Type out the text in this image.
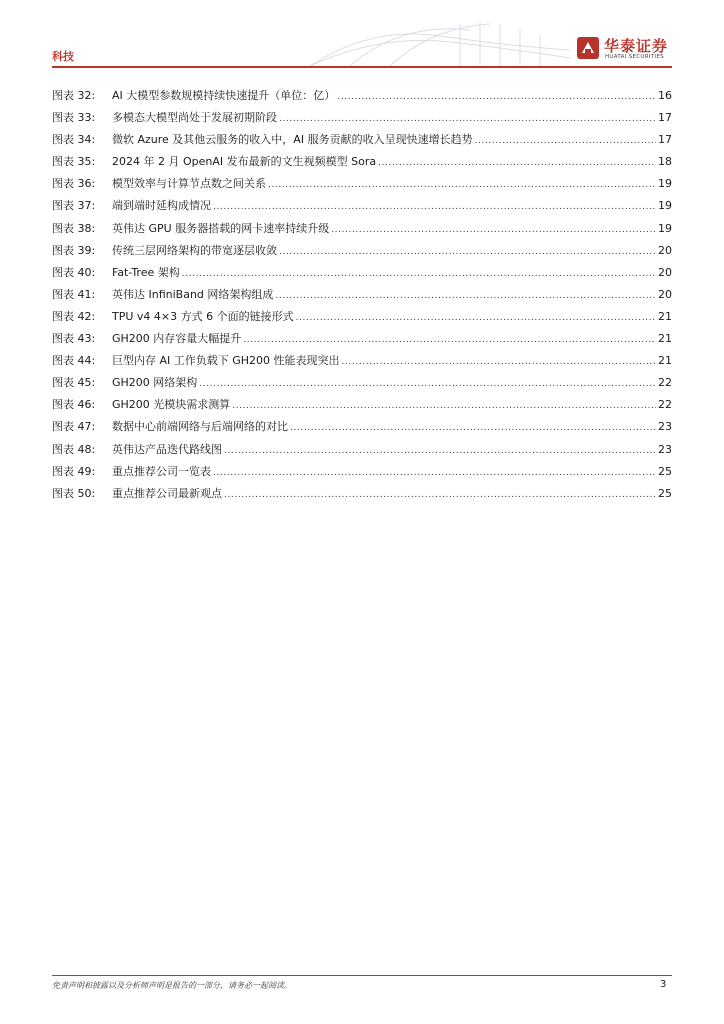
科技
华泰证券
HUATAI SECURITIES
图表 32:	AI 大模型参数规模持续快速提升（单位：亿） .....	16
图表 33:	多模态大模型尚处于发展初期阶段 .....	17
图表 34:	微软 Azure 及其他云服务的收入中，AI 服务贡献的收入呈现快速增长趋势 .....	17
图表 35:	2024 年 2 月 OpenAI 发布最新的文生视频模型 Sora .....	18
图表 36:	模型效率与计算节点数之间关系 .....	19
图表 37:	端到端时延构成情况 .....	19
图表 38:	英伟达 GPU 服务器搭载的网卡速率持续升级 .....	19
图表 39:	传统三层网络架构的带宽逐层收敛 .....	20
图表 40:	Fat-Tree 架构 .....	20
图表 41:	英伟达 InfiniBand 网络架构组成 .....	20
图表 42:	TPU v4 4×3 方式 6 个面的链接形式 .....	21
图表 43:	GH200 内存容量大幅提升 .....	21
图表 44:	巨型内存 AI 工作负载下 GH200 性能表现突出 .....	21
图表 45:	GH200 网络架构 .....	22
图表 46:	GH200 光模块需求测算 .....	22
图表 47:	数据中心前端网络与后端网络的对比 .....	23
图表 48:	英伟达产品迭代路线图 .....	23
图表 49:	重点推荐公司一览表 .....	25
图表 50:	重点推荐公司最新观点 .....	25
免责声明和披露以及分析师声明是报告的一部分，请务必一起阅读。	3
